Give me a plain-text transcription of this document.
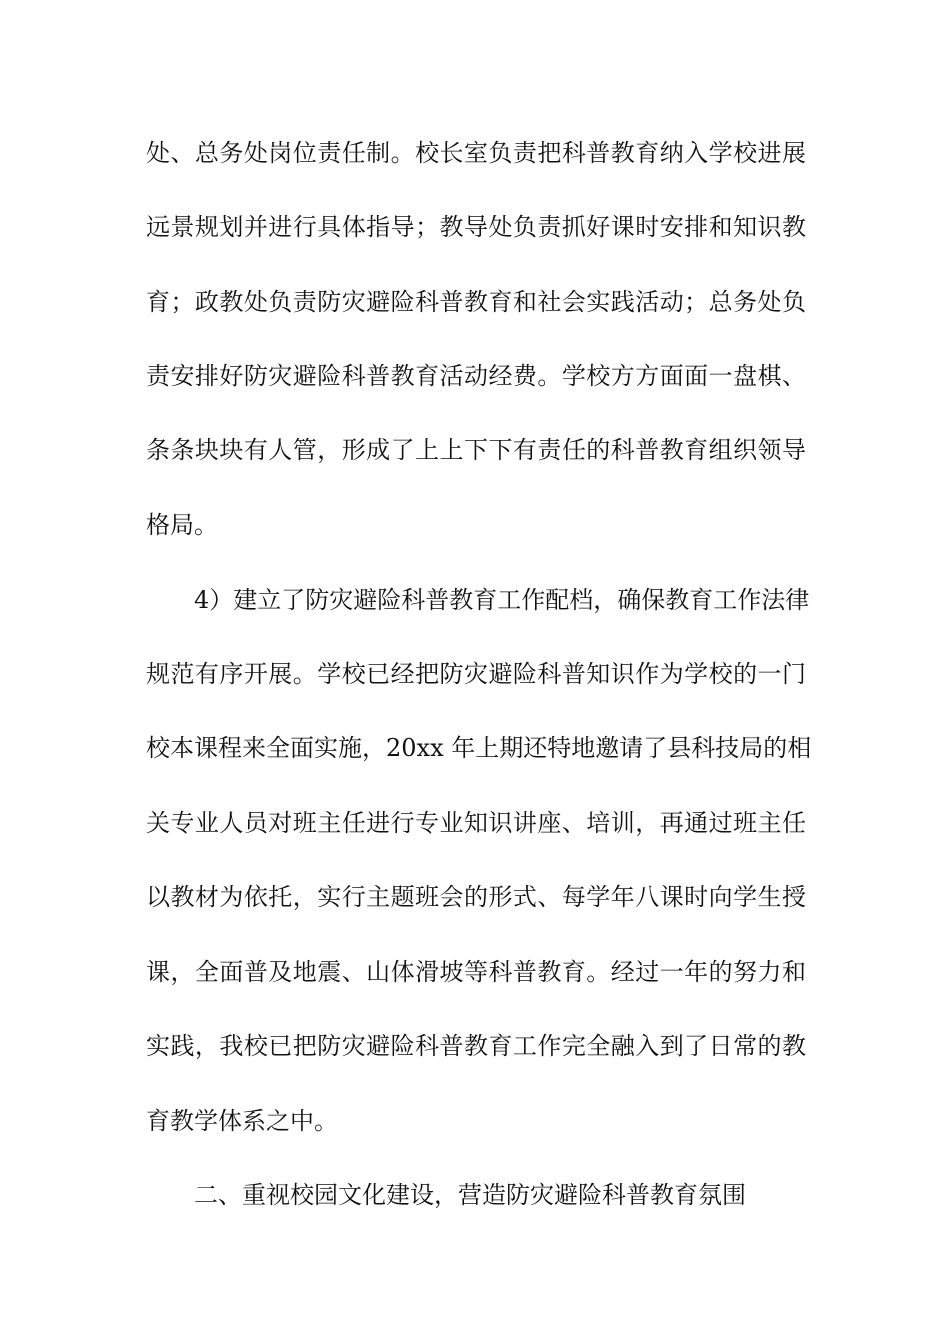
处、总务处岗位责任制。校长室负责把科普教育纳入学校进展
远景规划并进行具体指导；教导处负责抓好课时安排和知识教
育；政教处负责防灾避险科普教育和社会实践活动；总务处负
责安排好防灾避险科普教育活动经费。学校方方面面一盘棋、
条条块块有人管，形成了上上下下有责任的科普教育组织领导
格局。
4）建立了防灾避险科普教育工作配档，确保教育工作法律
规范有序开展。学校已经把防灾避险科普知识作为学校的一门
校本课程来全面实施，20xx 年上期还特地邀请了县科技局的相
关专业人员对班主任进行专业知识讲座、培训，再通过班主任
以教材为依托，实行主题班会的形式、每学年八课时向学生授
课，全面普及地震、山体滑坡等科普教育。经过一年的努力和
实践，我校已把防灾避险科普教育工作完全融入到了日常的教
育教学体系之中。
二、重视校园文化建设，营造防灾避险科普教育氛围
